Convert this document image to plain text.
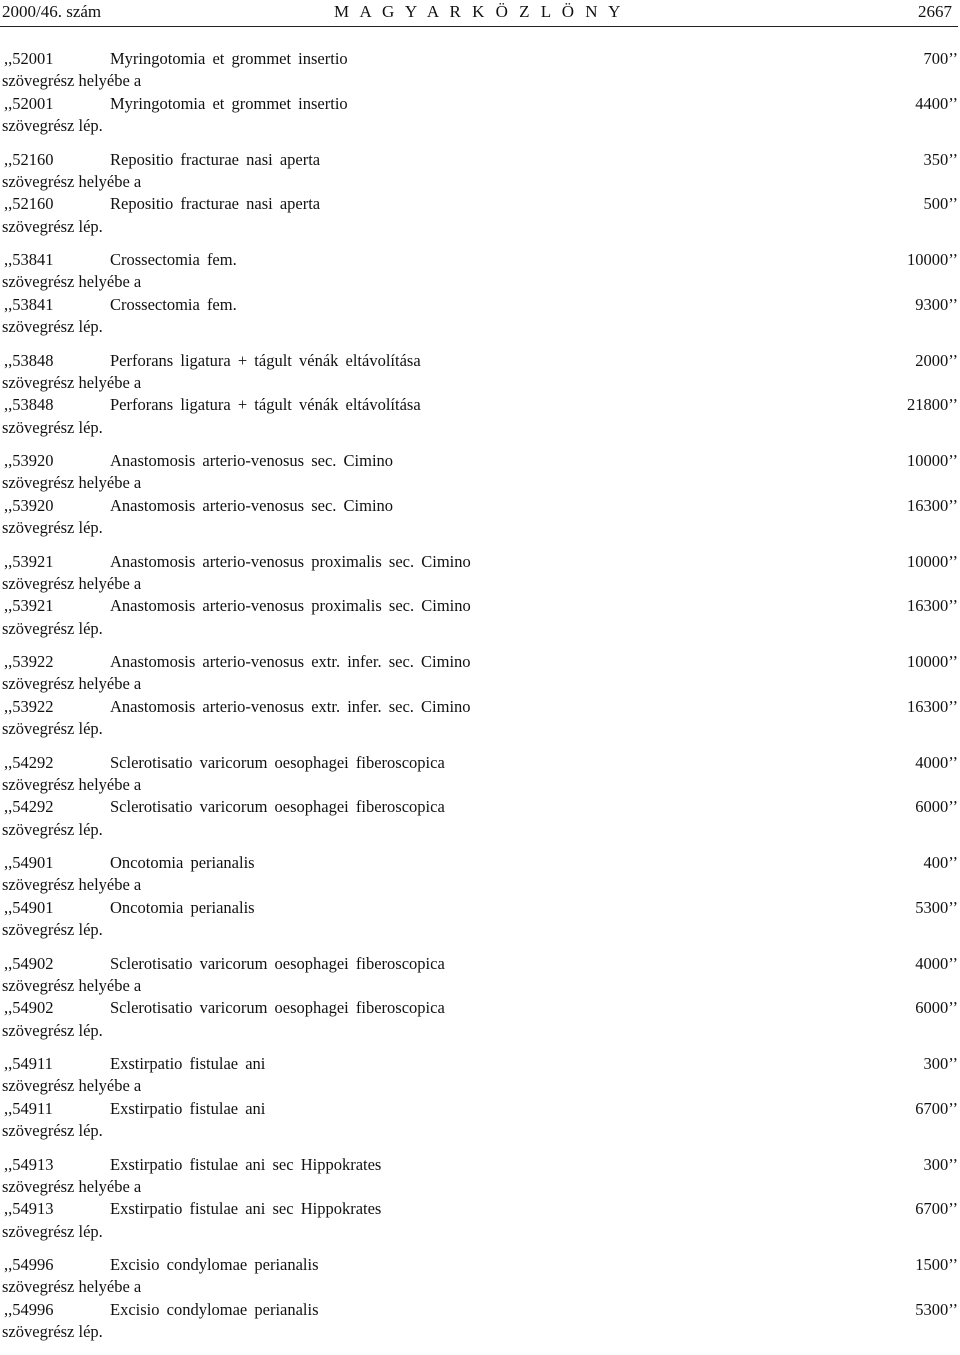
2000/46. szám	M A G Y A R K Ö Z L Ö N Y	2667
,,52001	Myringotomia et grommet insertio	700’’
szövegrész helyébe a
,,52001	Myringotomia et grommet insertio	4400’’
szövegrész lép.
,,52160	Repositio fracturae nasi aperta	350’’
szövegrész helyébe a
,,52160	Repositio fracturae nasi aperta	500’’
szövegrész lép.
,,53841	Crossectomia fem.	10000’’
szövegrész helyébe a
,,53841	Crossectomia fem.	9300’’
szövegrész lép.
,,53848	Perforans ligatura + tágult vénák eltávolítása	2000’’
szövegrész helyébe a
,,53848	Perforans ligatura + tágult vénák eltávolítása	21800’’
szövegrész lép.
,,53920	Anastomosis arterio-venosus sec. Cimino	10000’’
szövegrész helyébe a
,,53920	Anastomosis arterio-venosus sec. Cimino	16300’’
szövegrész lép.
,,53921	Anastomosis arterio-venosus proximalis sec. Cimino	10000’’
szövegrész helyébe a
,,53921	Anastomosis arterio-venosus proximalis sec. Cimino	16300’’
szövegrész lép.
,,53922	Anastomosis arterio-venosus extr. infer. sec. Cimino	10000’’
szövegrész helyébe a
,,53922	Anastomosis arterio-venosus extr. infer. sec. Cimino	16300’’
szövegrész lép.
,,54292	Sclerotisatio varicorum oesophagei fiberoscopica	4000’’
szövegrész helyébe a
,,54292	Sclerotisatio varicorum oesophagei fiberoscopica	6000’’
szövegrész lép.
,,54901	Oncotomia perianalis	400’’
szövegrész helyébe a
,,54901	Oncotomia perianalis	5300’’
szövegrész lép.
,,54902	Sclerotisatio varicorum oesophagei fiberoscopica	4000’’
szövegrész helyébe a
,,54902	Sclerotisatio varicorum oesophagei fiberoscopica	6000’’
szövegrész lép.
,,54911	Exstirpatio fistulae ani	300’’
szövegrész helyébe a
,,54911	Exstirpatio fistulae ani	6700’’
szövegrész lép.
,,54913	Exstirpatio fistulae ani sec Hippokrates	300’’
szövegrész helyébe a
,,54913	Exstirpatio fistulae ani sec Hippokrates	6700’’
szövegrész lép.
,,54996	Excisio condylomae perianalis	1500’’
szövegrész helyébe a
,,54996	Excisio condylomae perianalis	5300’’
szövegrész lép.
